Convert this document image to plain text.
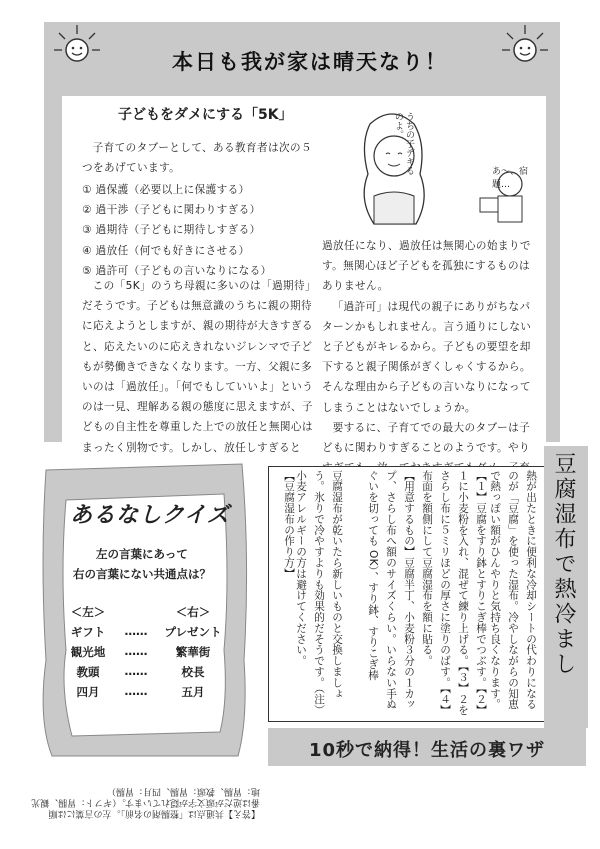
本日も我が家は晴天なり！
子どもをダメにする「5K」
子育てのタブーとして、ある教育者は次の５つをあげています。
① 過保護（必要以上に保護する）
② 過干渉（子どもに関わりすぎる）
③ 過期待（子どもに期待しすぎる）
④ 過放任（何でも好きにさせる）
⑤ 過許可（子どもの言いなりになる）
この「5K」のうち母親に多いのは「過期待」だそうです。子どもは無意識のうちに親の期待に応えようとしますが、親の期待が大きすぎると、応えたいのに応えきれないジレンマで子どもが勢働きできなくなります。一方、父親に多いのは「過放任」。「何でもしていいよ」というのは一見、理解ある親の態度に思えますが、子どもの自主性を尊重した上での放任と無関心はまったく別物です。しかし、放任しすぎると
うちの子デキるのよ。
あ〜、宿題…

過放任になり、過放任は無関心の始まりです。無関心ほど子どもを孤独にするものはありません。

「過許可」は現代の親子にありがちなパターンかもしれません。言う通りにしないと子どもがキレるから。子どもの要望を却下すると親子関係がぎくしゃくするから。そんな理由から子どもの言いなりになってしまうことはないでしょうか。

要するに、子育てでの最大のタブーは子どもに関わりすぎることのようです。やり

あるなしクイズ
左の言葉にあって
右の言葉にない共通点は？
＜左＞	＜右＞
ギフト	……	プレゼント
観光地	……	繁華街
教頭	……	校長
四月	……	五月
【答え】共通点は「整腸剤の名前」。左の言葉には順
番は逆だが頭文字が隠れています。（ギフト：胃腸、観光
地：胃腸、教頭：胃腸、四月：胃腸）
熱が出たときに便利な冷却シートの代わりになるのが「豆腐」を使った湿布。冷やしながらの知恵で熱っぽい額がひんやりと気持ち良くなります。
【１】豆腐をすり鉢とすりこぎ棒でつぶす。【２】１に小麦粉を入れ、混ぜて練り上げる。【３】２をさらし布に５ミリほどの厚さに塗りのばす。【４】布面を額側にして豆腐湿布を額に貼る。
【用意するもの】豆腐半丁、小麦粉３分の１カップ、さらし布へ額のサイズくらい。いらない手ぬぐいを切っても OK）、すり鉢、すりこぎ棒
豆腐湿布が乾いたら新しいものと交換しましょう。氷りで冷やすよりも効果的だそうです。（注）小麦アレルギーの方は避けてください。
【豆腐湿布の作り方】	豆腐湿布で熱冷まし
10秒で納得！生活の裏ワザ
